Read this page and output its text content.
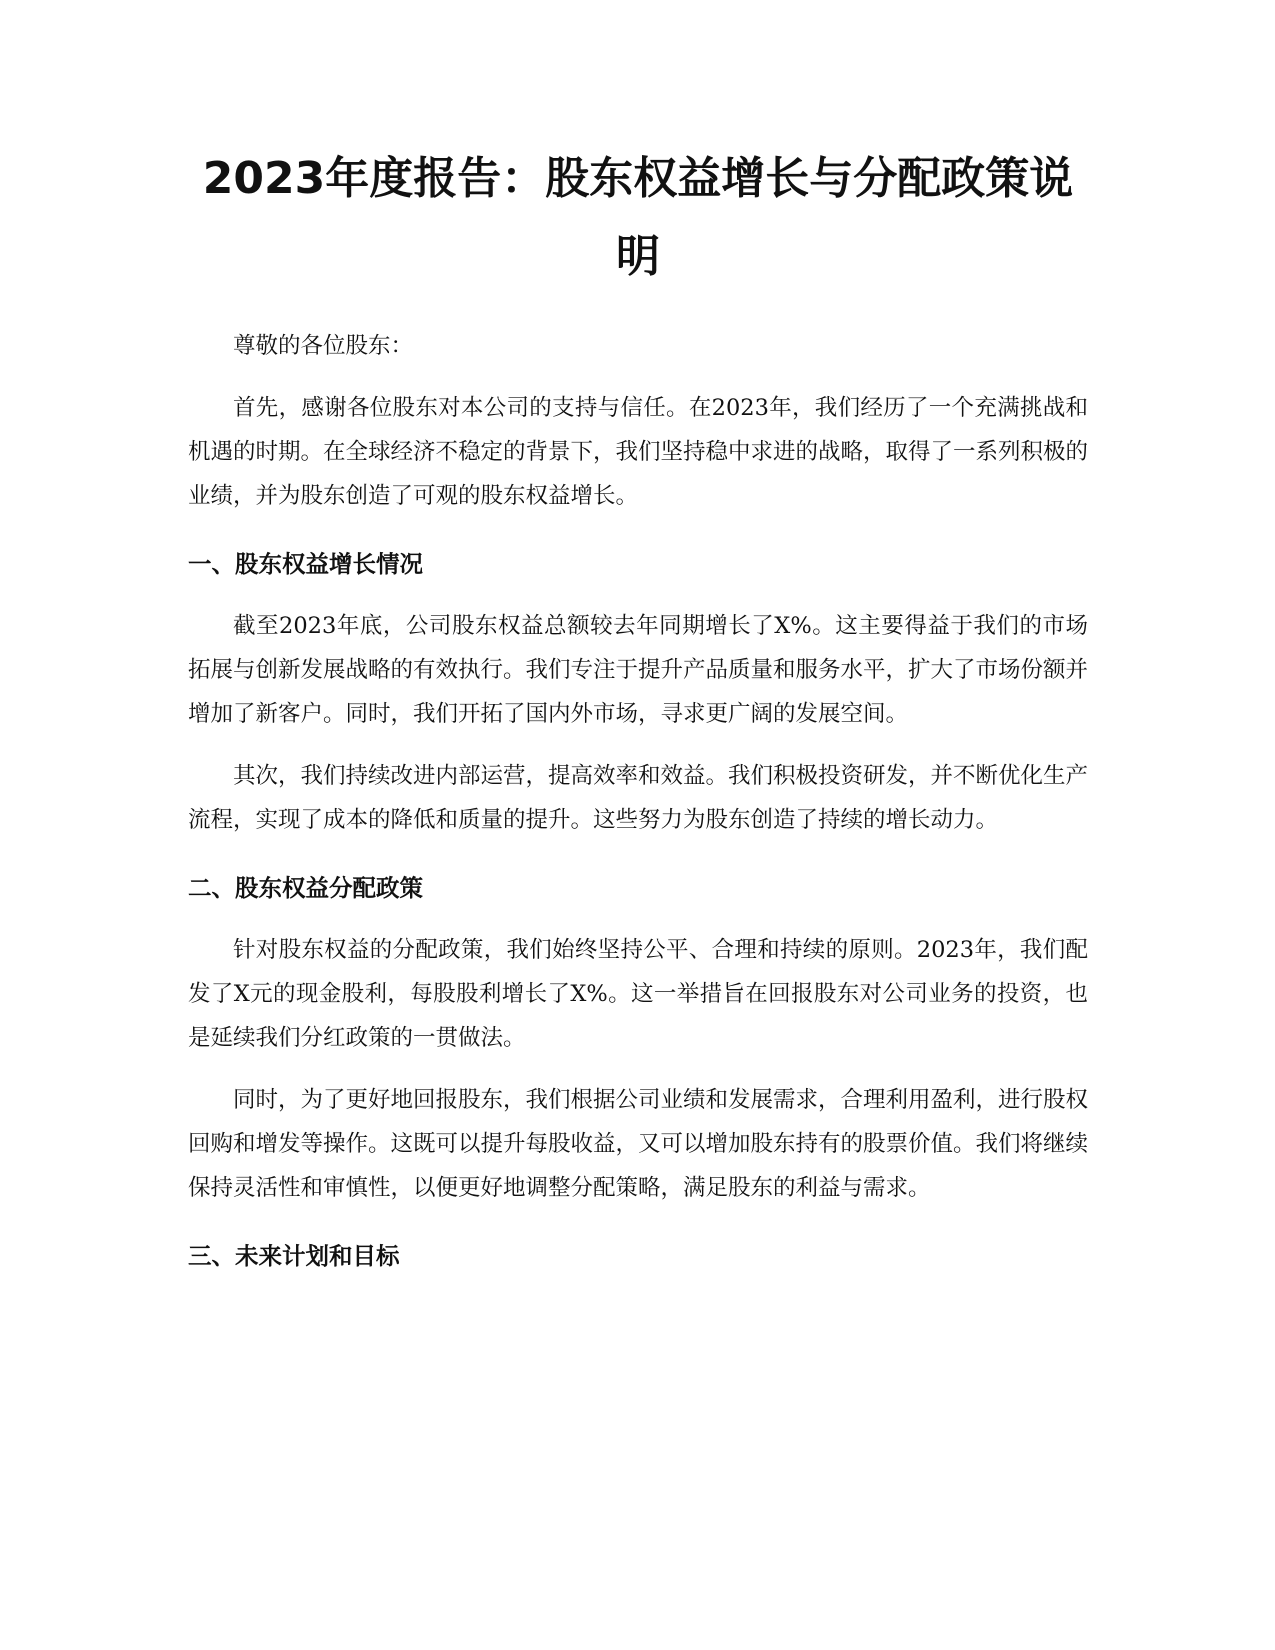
2023年度报告：股东权益增长与分配政策说明

尊敬的各位股东：

首先，感谢各位股东对本公司的支持与信任。在2023年，我们经历了一个充满挑战和机遇的时期。在全球经济不稳定的背景下，我们坚持稳中求进的战略，取得了一系列积极的业绩，并为股东创造了可观的股东权益增长。

一、股东权益增长情况

截至2023年底，公司股东权益总额较去年同期增长了X%。这主要得益于我们的市场拓展与创新发展战略的有效执行。我们专注于提升产品质量和服务水平，扩大了市场份额并增加了新客户。同时，我们开拓了国内外市场，寻求更广阔的发展空间。

其次，我们持续改进内部运营，提高效率和效益。我们积极投资研发，并不断优化生产流程，实现了成本的降低和质量的提升。这些努力为股东创造了持续的增长动力。

二、股东权益分配政策

针对股东权益的分配政策，我们始终坚持公平、合理和持续的原则。2023年，我们配发了X元的现金股利，每股股利增长了X%。这一举措旨在回报股东对公司业务的投资，也是延续我们分红政策的一贯做法。

同时，为了更好地回报股东，我们根据公司业绩和发展需求，合理利用盈利，进行股权回购和增发等操作。这既可以提升每股收益，又可以增加股东持有的股票价值。我们将继续保持灵活性和审慎性，以便更好地调整分配策略，满足股东的利益与需求。

三、未来计划和目标
